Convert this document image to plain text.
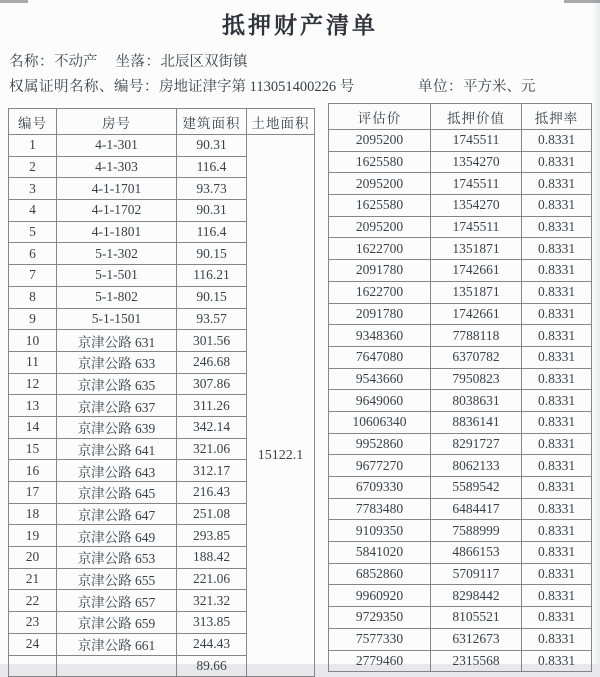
抵押财产清单
名称：不动产 坐落：北辰区双街镇
权属证明名称、编号：房地证津字第 113051400226 号	单位：平方米、元
编号	房号	建筑面积	土地面积
1	4-1-301	90.31	15122.1
2	4-1-303	116.4	
3	4-1-1701	93.73	
4	4-1-1702	90.31	
5	4-1-1801	116.4	
6	5-1-302	90.15	
7	5-1-501	116.21	
8	5-1-802	90.15	
9	5-1-1501	93.57	
10	京津公路 631	301.56	
11	京津公路 633	246.68	
12	京津公路 635	307.86	
13	京津公路 637	311.26	
14	京津公路 639	342.14	
15	京津公路 641	321.06	
16	京津公路 643	312.17	
17	京津公路 645	216.43	
18	京津公路 647	251.08	
19	京津公路 649	293.85	
20	京津公路 653	188.42	
21	京津公路 655	221.06	
22	京津公路 657	321.32	
23	京津公路 659	313.85	
24	京津公路 661	244.43	
		89.66	
评估价	抵押价值	抵押率
2095200	1745511	0.8331
1625580	1354270	0.8331
2095200	1745511	0.8331
1625580	1354270	0.8331
2095200	1745511	0.8331
1622700	1351871	0.8331
2091780	1742661	0.8331
1622700	1351871	0.8331
2091780	1742661	0.8331
9348360	7788118	0.8331
7647080	6370782	0.8331
9543660	7950823	0.8331
9649060	8038631	0.8331
10606340	8836141	0.8331
9952860	8291727	0.8331
9677270	8062133	0.8331
6709330	5589542	0.8331
7783480	6484417	0.8331
9109350	7588999	0.8331
5841020	4866153	0.8331
6852860	5709117	0.8331
9960920	8298442	0.8331
9729350	8105521	0.8331
7577330	6312673	0.8331
2779460	2315568	0.8331
